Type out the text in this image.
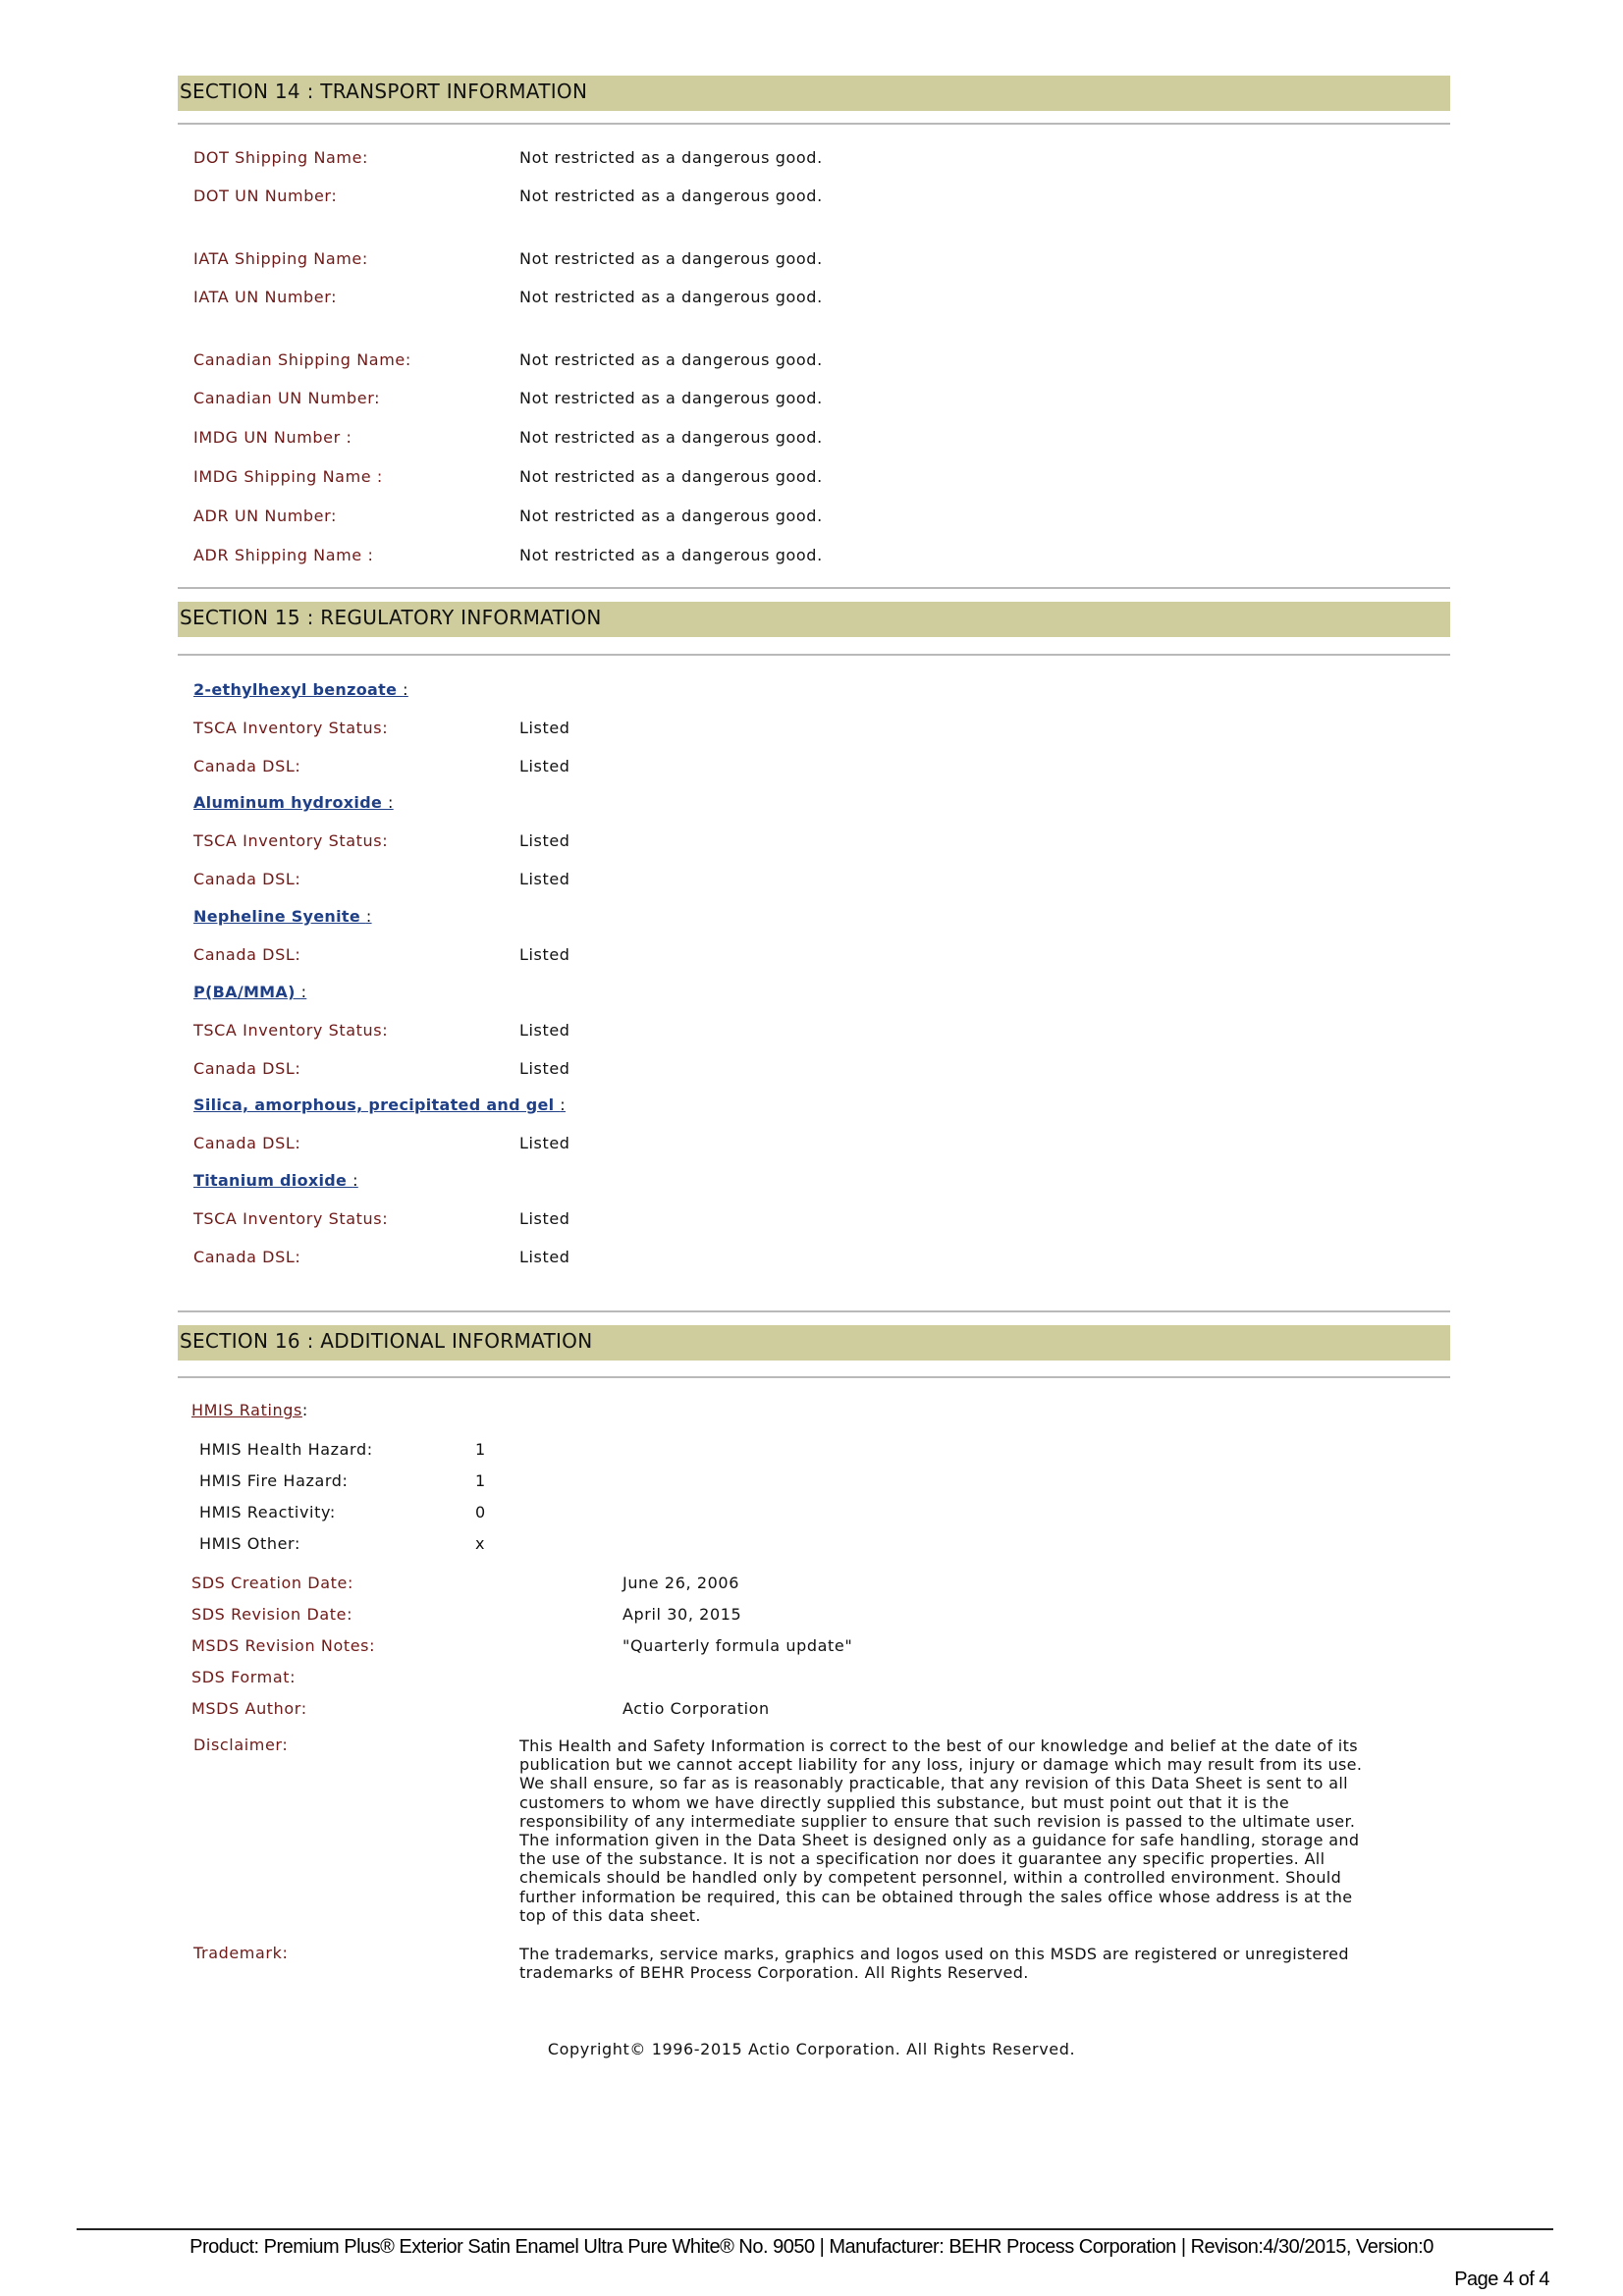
SECTION 14 : TRANSPORT INFORMATION
DOT Shipping Name:	Not restricted as a dangerous good.
DOT UN Number:	Not restricted as a dangerous good.
IATA Shipping Name:	Not restricted as a dangerous good.
IATA UN Number:	Not restricted as a dangerous good.
Canadian Shipping Name:	Not restricted as a dangerous good.
Canadian UN Number:	Not restricted as a dangerous good.
IMDG UN Number :	Not restricted as a dangerous good.
IMDG Shipping Name :	Not restricted as a dangerous good.
ADR UN Number:	Not restricted as a dangerous good.
ADR Shipping Name :	Not restricted as a dangerous good.
SECTION 15 : REGULATORY INFORMATION
2-ethylhexyl benzoate :
TSCA Inventory Status:	Listed
Canada DSL:	Listed
Aluminum hydroxide :
TSCA Inventory Status:	Listed
Canada DSL:	Listed
Nepheline Syenite :
Canada DSL:	Listed
P(BA/MMA) :
TSCA Inventory Status:	Listed
Canada DSL:	Listed
Silica, amorphous, precipitated and gel :
Canada DSL:	Listed
Titanium dioxide :
TSCA Inventory Status:	Listed
Canada DSL:	Listed
SECTION 16 : ADDITIONAL INFORMATION
HMIS Ratings:
HMIS Health Hazard:	1
HMIS Fire Hazard:	1
HMIS Reactivity:	0
HMIS Other:	x
SDS Creation Date:	June 26, 2006
SDS Revision Date:	April 30, 2015
MSDS Revision Notes:	"Quarterly formula update"
SDS Format:
MSDS Author:	Actio Corporation
Disclaimer:	This Health and Safety Information is correct to the best of our knowledge and belief at the date of its
publication but we cannot accept liability for any loss, injury or damage which may result from its use.
We shall ensure, so far as is reasonably practicable, that any revision of this Data Sheet is sent to all
customers to whom we have directly supplied this substance, but must point out that it is the
responsibility of any intermediate supplier to ensure that such revision is passed to the ultimate user.
The information given in the Data Sheet is designed only as a guidance for safe handling, storage and
the use of the substance. It is not a specification nor does it guarantee any specific properties. All
chemicals should be handled only by competent personnel, within a controlled environment. Should
further information be required, this can be obtained through the sales office whose address is at the
top of this data sheet.
Trademark:	The trademarks, service marks, graphics and logos used on this MSDS are registered or unregistered
trademarks of BEHR Process Corporation. All Rights Reserved.
Copyright© 1996-2015 Actio Corporation. All Rights Reserved.
Product: Premium Plus® Exterior Satin Enamel Ultra Pure White® No. 9050 | Manufacturer: BEHR Process Corporation | Revison:4/30/2015, Version:0
Page 4 of 4
